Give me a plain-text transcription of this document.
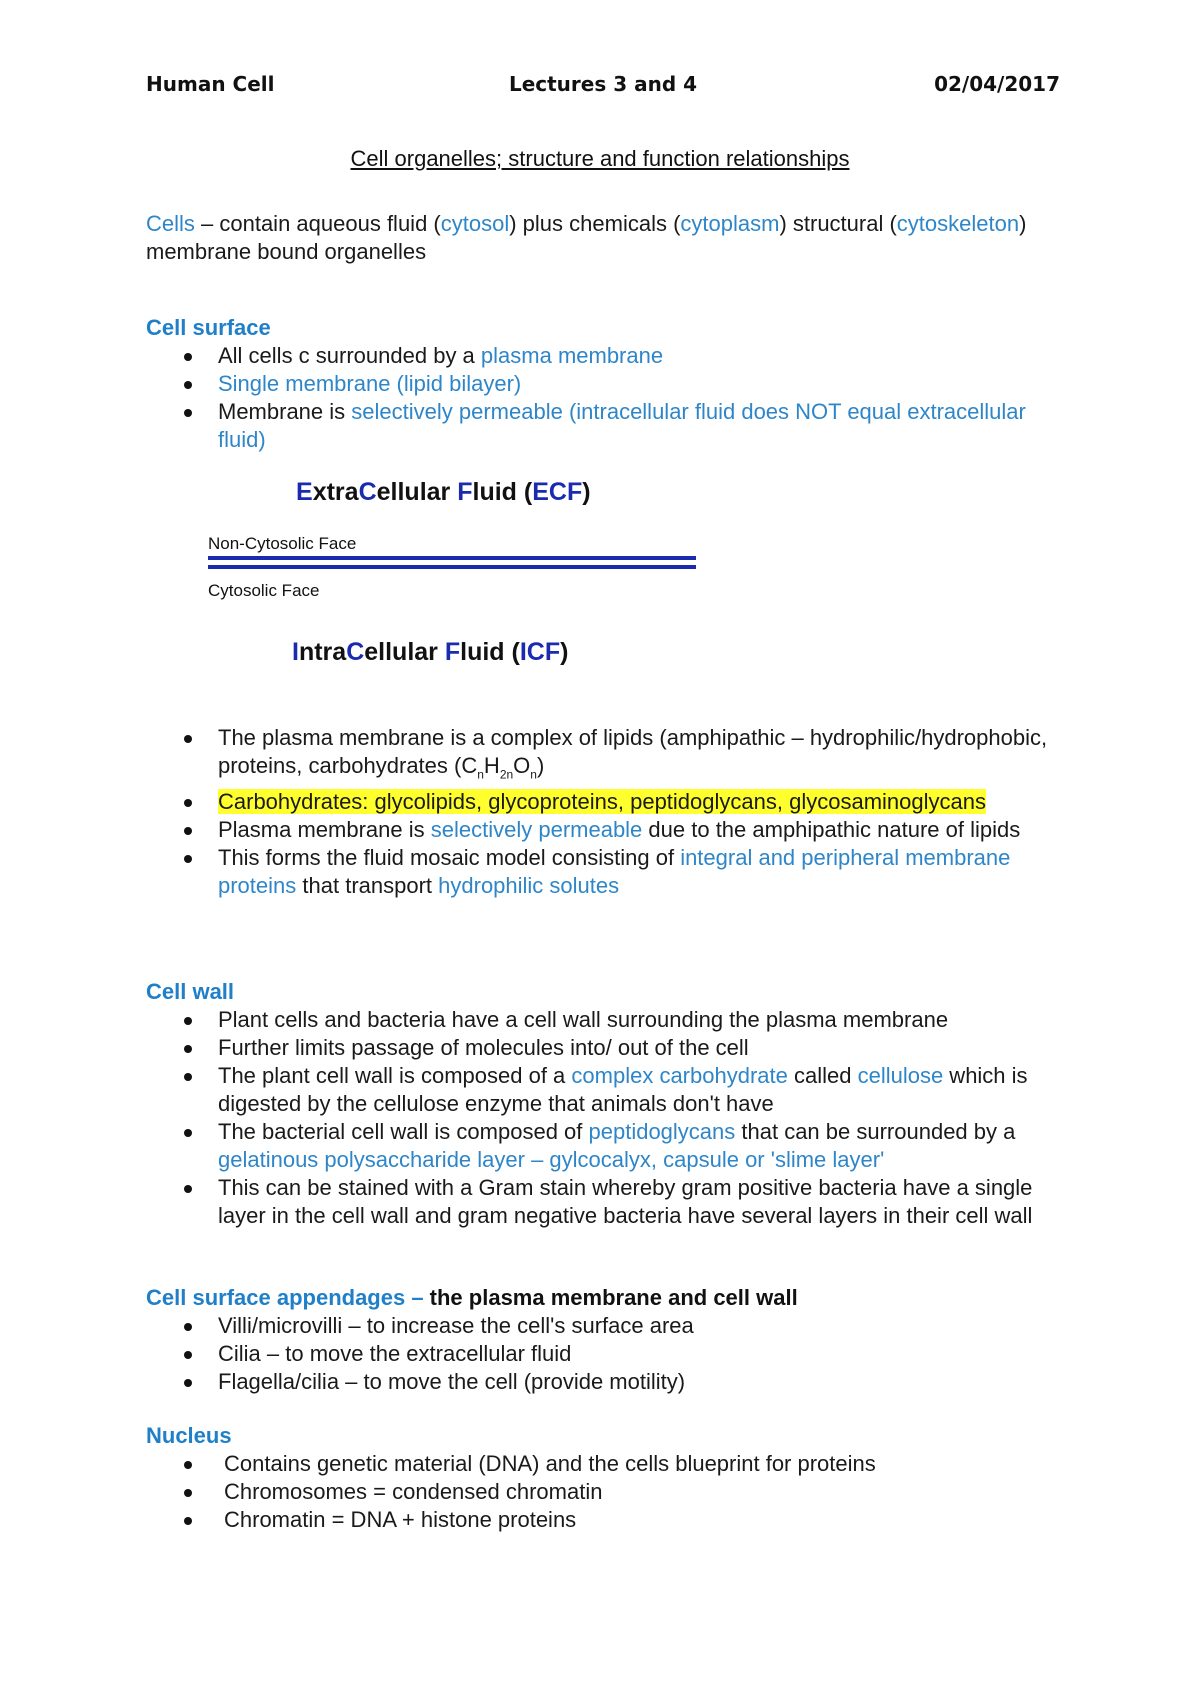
Human Cell	Lectures 3 and 4	02/04/2017
Cell organelles; structure and function relationships
Cells – contain aqueous fluid (cytosol) plus chemicals (cytoplasm) structural (cytoskeleton) membrane bound organelles
Cell surface
All cells c surrounded by a plasma membrane
Single membrane (lipid bilayer)
Membrane is selectively permeable (intracellular fluid does NOT equal extracellular fluid)
ExtraCellular Fluid (ECF)
Non-Cytosolic Face
Cytosolic Face
IntraCellular Fluid (ICF)
The plasma membrane is a complex of lipids (amphipathic – hydrophilic/hydrophobic, proteins, carbohydrates $(C_nH_{2n}O_n)$
Carbohydrates: glycolipids, glycoproteins, peptidoglycans, glycosaminoglycans
Plasma membrane is selectively permeable due to the amphipathic nature of lipids
This forms the fluid mosaic model consisting of integral and peripheral membrane proteins that transport hydrophilic solutes
Cell wall
Plant cells and bacteria have a cell wall surrounding the plasma membrane
Further limits passage of molecules into/ out of the cell
The plant cell wall is composed of a complex carbohydrate called cellulose which is digested by the cellulose enzyme that animals don't have
The bacterial cell wall is composed of peptidoglycans that can be surrounded by a gelatinous polysaccharide layer – gylcocalyx, capsule or 'slime layer'
This can be stained with a Gram stain whereby gram positive bacteria have a single layer in the cell wall and gram negative bacteria have several layers in their cell wall
Cell surface appendages – the plasma membrane and cell wall
Villi/microvilli – to increase the cell's surface area
Cilia – to move the extracellular fluid
Flagella/cilia – to move the cell (provide motility)
Nucleus
Contains genetic material (DNA) and the cells blueprint for proteins
Chromosomes = condensed chromatin
Chromatin = DNA + histone proteins
